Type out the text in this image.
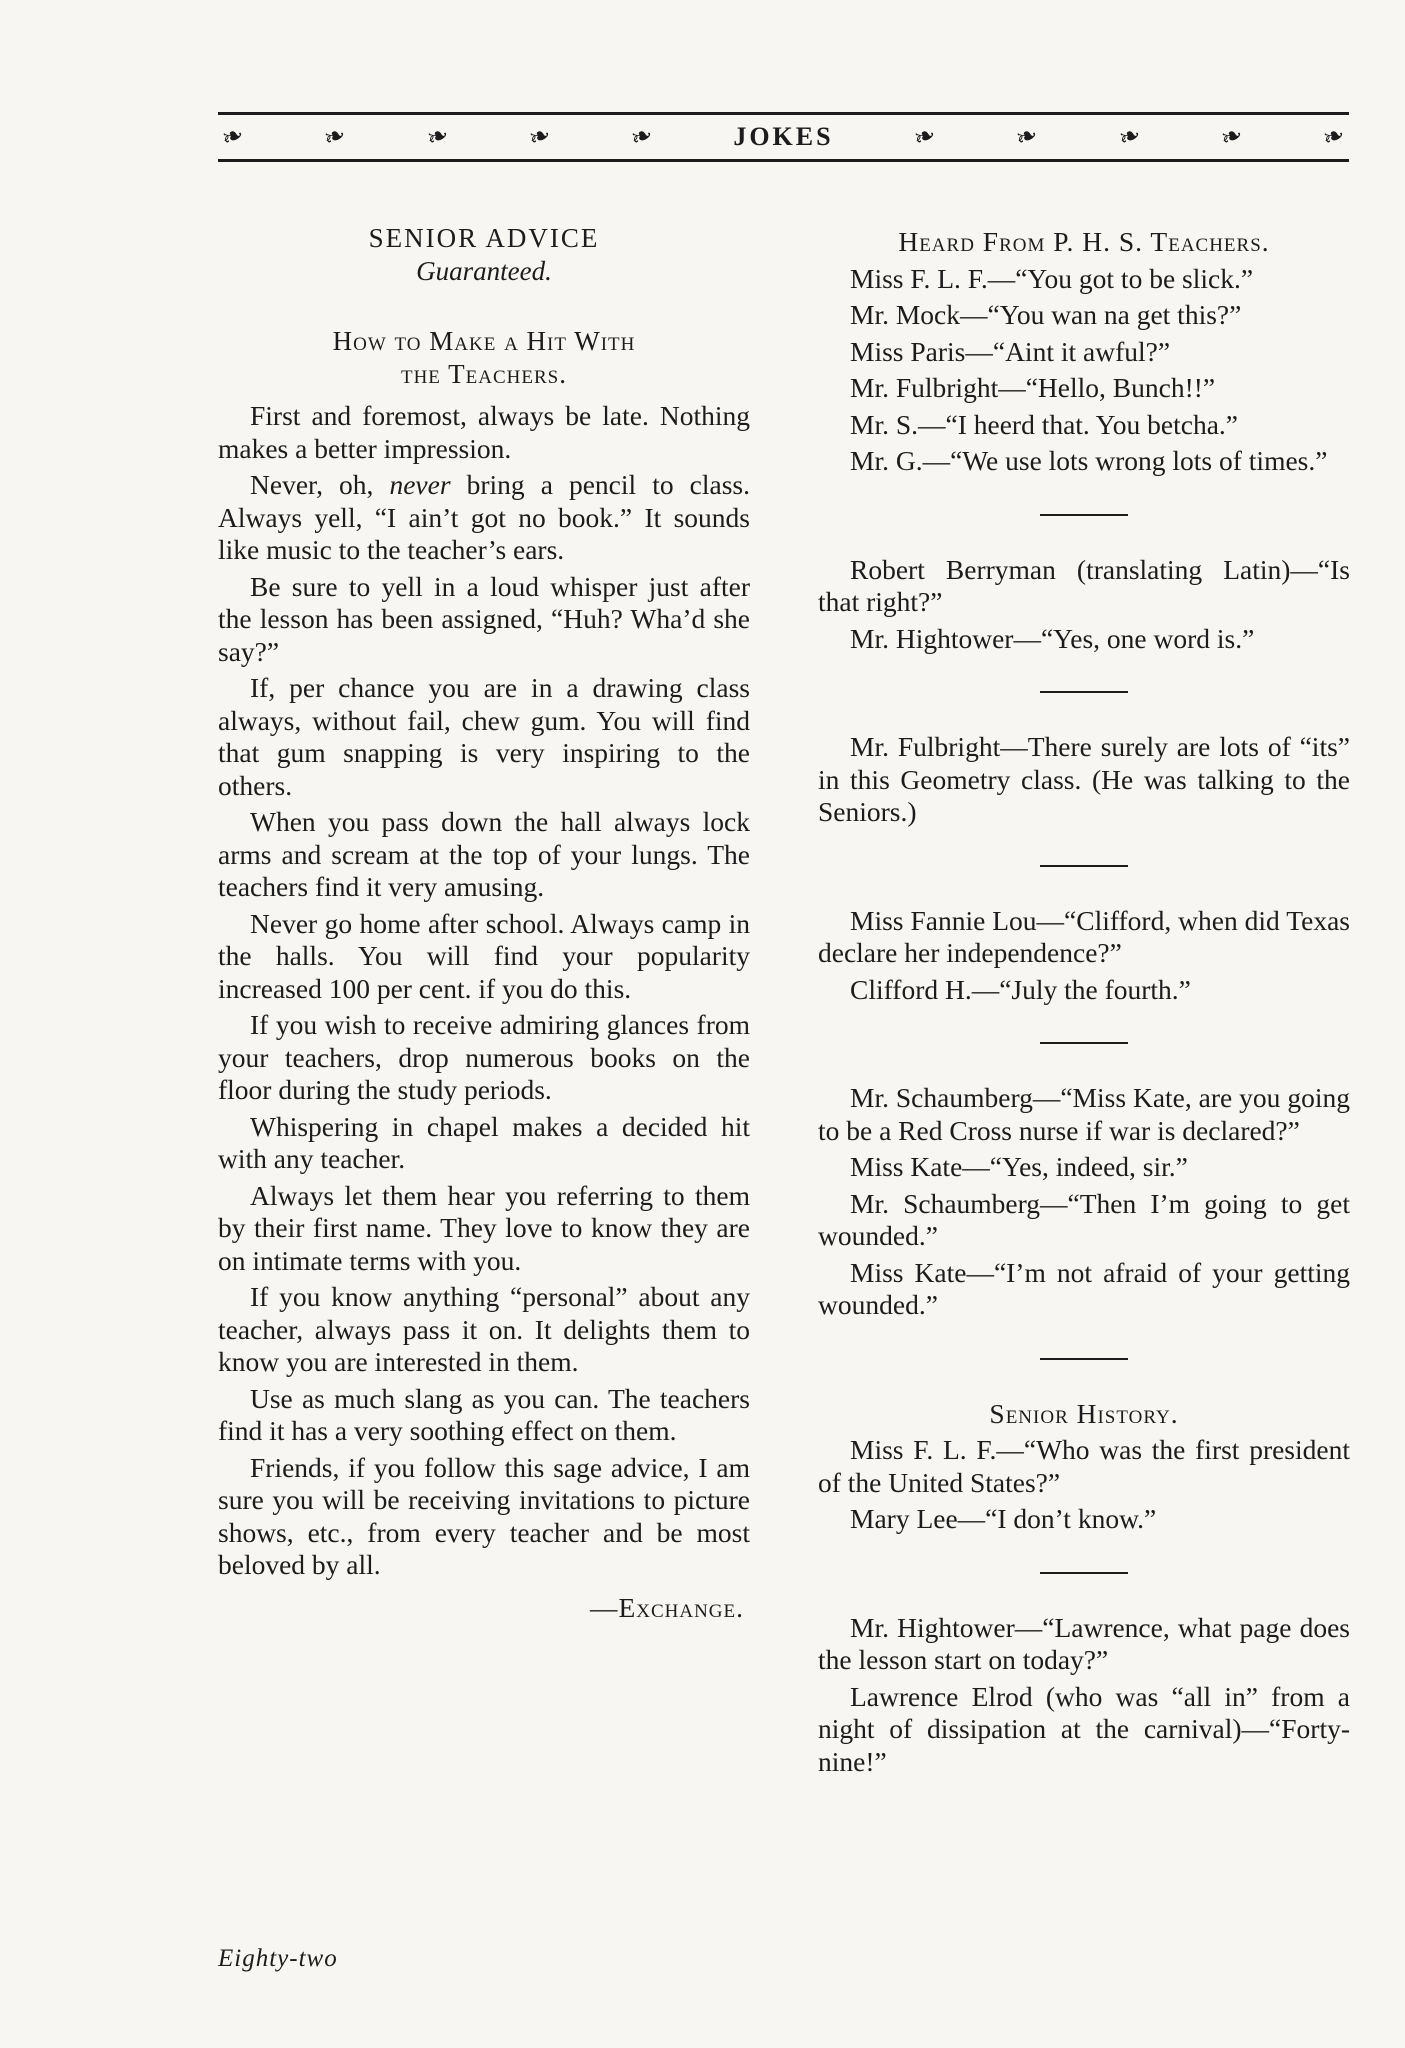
❧	❧	❧	❧	❧	JOKES	❧	❧	❧	❧	❧
SENIOR ADVICE
Guaranteed.
How to Make a Hit With
the Teachers.

First and foremost, always be late. Nothing makes a better impression.

Never, oh, never bring a pencil to class. Always yell, “I ain’t got no book.” It sounds like music to the teacher’s ears.

Be sure to yell in a loud whisper just after the lesson has been assigned, “Huh? Wha’d she say?”

If, per chance you are in a drawing class always, without fail, chew gum. You will find that gum snapping is very inspiring to the others.

When you pass down the hall always lock arms and scream at the top of your lungs. The teachers find it very amusing.

Never go home after school. Always camp in the halls. You will find your popularity increased 100 per cent. if you do this.

If you wish to receive admiring glances from your teachers, drop numerous books on the floor during the study periods.

Whispering in chapel makes a decided hit with any teacher.

Always let them hear you referring to them by their first name. They love to know they are on intimate terms with you.

If you know anything “personal” about any teacher, always pass it on. It delights them to know you are interested in them.

Use as much slang as you can. The teachers find it has a very soothing effect on them.

Friends, if you follow this sage advice, I am sure you will be receiving invitations to picture shows, etc., from every teacher and be most beloved by all.

—Exchange.
Heard From P. H. S. Teachers.

Miss F. L. F.—“You got to be slick.”

Mr. Mock—“You wan na get this?”

Miss Paris—“Aint it awful?”

Mr. Fulbright—“Hello, Bunch!!”

Mr. S.—“I heerd that. You betcha.”

Mr. G.—“We use lots wrong lots of times.”

Robert Berryman (translating Latin)—“Is that right?”

Mr. Hightower—“Yes, one word is.”

Mr. Fulbright—There surely are lots of “its” in this Geometry class. (He was talking to the Seniors.)

Miss Fannie Lou—“Clifford, when did Texas declare her independence?”

Clifford H.—“July the fourth.”

Mr. Schaumberg—“Miss Kate, are you going to be a Red Cross nurse if war is declared?”

Miss Kate—“Yes, indeed, sir.”

Mr. Schaumberg—“Then I’m going to get wounded.”

Miss Kate—“I’m not afraid of your getting wounded.”

Senior History.

Miss F. L. F.—“Who was the first president of the United States?”

Mary Lee—“I don’t know.”

Mr. Hightower—“Lawrence, what page does the lesson start on today?”

Lawrence Elrod (who was “all in” from a night of dissipation at the carnival)—“Forty-nine!”

Eighty-two
